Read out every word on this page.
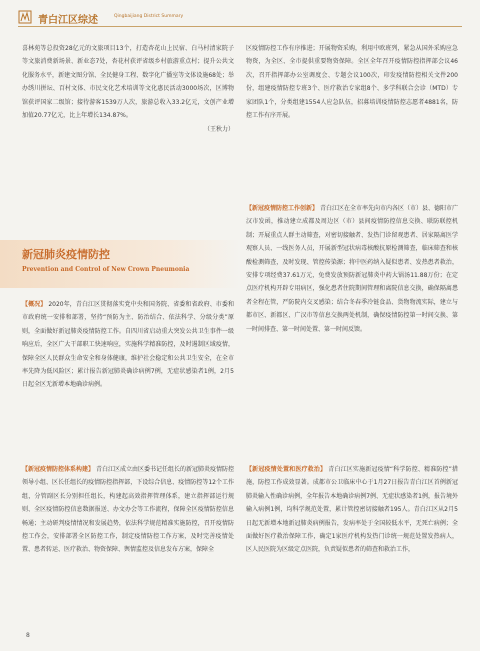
青白江区综述	Qingbaijiang District Summary

喜林苑等总投资28亿元的文旅项目13个，打造杏花山上民宿、白马村清家院子等文旅消费新场景、新业态7处，杏花村获评省级乡村旅游重点村；提升公共文化服务水平，新建文图分馆、全民健身工程、数字化广播室等文体设施68处；举办绣川拼坛、百村文体、市民文化艺术培训等文化惠民活动3000场次，区博物馆获评国家二级馆；接待游客1539万人次，旅游总收入33.2亿元，文创产业增加值20.77亿元，比上年增长134.87%。

（王秋力）
新冠肺炎疫情防控
Prevention and Control of New Crown Pneumonia

【概况】 2020年，青白江区贯彻落实党中央和国务院、省委和省政府、市委和市政府统一安排和部署，坚持“预防为主、防治结合、依法科学、分级分类”原则，全面做好新冠肺炎疫情防控工作。自四川省启动重大突发公共卫生事件一级响应后，全区广大干部职工快速响应，实施科学精准防控，及时遏制区域疫情，保障全区人民群众生命安全和身体健康，维护社会稳定和公共卫生安全，在全市率先降为低风险区；累计报告新冠肺炎确诊病例7例，无症状感染者1例，2月5日起全区无新增本地确诊病例。

【新冠疫情防控体系构建】 青白江区成立由区委书记任组长的新冠肺炎疫情防控领导小组、区长任组长的疫情防控指挥部，下设综合信息、疫情防控等12个工作组，分管副区长分别担任组长，构建起高效指挥管理体系，建立指挥部运行规则、全区疫情防控信息数据报送、办文办会等工作流程，保障全区疫情防控信息畅通；主动研判疫情情况和发展趋势，依法科学规范精准实施防控，召开疫情防控工作会，安排部署全区防控工作，制定疫情防控工作方案，及时完善疫情处置、患者转运、医疗救治、物资保障、舆情监控及信息发布方案，保障全

区疫情防控工作有序推进；开展物资采购，利用中欧班列，紧急从国外采购应急物资，为全区、全市提供重要物资保障。全区全年召开疫情防控指挥部会议46次，召开指挥部办公室调度会、专题会议100次，印发疫情防控相关文件200份，组建疫情防控专班3个、医疗救治专家组8个、多学科联合会诊（MTD）专家团队1个，分类组建1554人应急队伍，招募培训疫情防控志愿者4881名，防控工作有序开展。

【新冠疫情防控工作创新】 青白江区在全市率先向市内各区（市）县、德阳市广汉市发函，推动建立成都及周边区（市）县间疫情防控信息交换、联防联控机制；开展重点人群主动筛查，对密切接触者、发热门诊留观患者、居家隔离医学观察人员、一线医务人员，开展新型冠状病毒核酸抗原检测筛查，临床筛查和核酸检测筛查，及时发现、管控传染源；将中医药纳入疑似患者、发热患者救治，安排专项经费37.61万元，免费发放预防新冠肺炎中药大锅汤11.88万份；在定点医疗机构开辟专用病区，强化患者住院期间管理和离院信息交换，确保隔离患者全程在管，严防院内交叉感染；结合冬春季冷链食品、货物物流实际，建立与都市区、新都区、广汉市等信息交换两处机制，确保疫情防控第一时间交换、第一时间排查、第一时间处置、第一时间反馈。

【新冠疫情处置和医疗救治】 青白江区实施新冠疫情“科学防控、精准防控”措施，防控工作成效显著。成都市公卫临床中心于1月27日报告青白江区首例新冠肺炎输入性确诊病例，全年报告本地确诊病例7例、无症状感染者1例，报告境外输入病例1例，均科学规范处置，累计管控密切接触者195人。青白江区从2月5日起无新增本地新冠肺炎病例报告，发病率处于全国较低水平，无死亡病例；全面做好医疗救治保障工作，确定1家医疗机构发热门诊统一规范处置发热病人，区人民医院为区级定点医院，负责疑似患者的筛查和救治工作，

8
